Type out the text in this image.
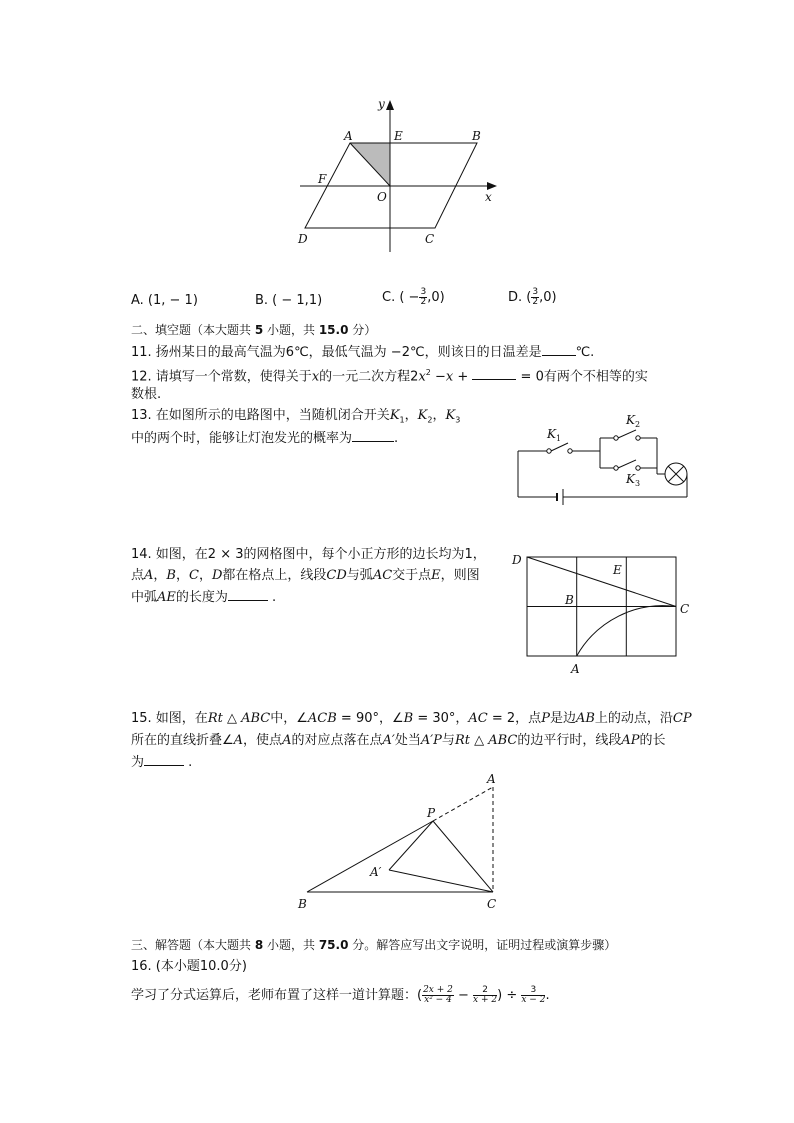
y
x
A	E	B
F
O
D	C
A. (1, − 1)	B. ( − 1,1)	C. ( − $\frac{3}{2} ,0$)	D. ( $\frac{3}{2} ,0$)
二、填空题（本大题共 5 小题，共 15.0 分）
11. 扬州某日的最高气温为6℃，最低气温为 −2℃，则该日的日温差是	℃.
12. 请填写一个常数，使得关于x的一元二次方程$2x^2 -x$ +	= 0有两个不相等的实
数根.
13. 在如图所示的电路图中，当随机闭合开关$K_1$，$K_2$，$K_3$
中的两个时，能够让灯泡发光的概率为	.	$K_1$
$K_2$
$K_3$
14. 如图，在2 × 3的网格图中，每个小正方形的边长均为1，
点A，B，C，D都在格点上，线段CD与弧AC交于点E，则图
中弧AE的长度为	.
D
E
B
C
A
15. 如图，在Rt △ ABC中，∠ACB = 90°，∠B = 30°，AC = 2，点P是边AB上的动点，沿CP
所在的直线折叠∠A，使点A的对应点落在点A′处当A′P与Rt △ ABC的边平行时，线段AP的长
为	.
A
P
A′
B	C
三、解答题（本大题共 8 小题，共 75.0 分。解答应写出文字说明，证明过程或演算步骤）
16. (本小题10.0分)
学习了分式运算后，老师布置了这样一道计算题：( $\frac{2x + 2}{\text{x² − 4}} - \frac{2}{x + 2}$ ) ÷ $\frac{3}{x - 2}$ .
